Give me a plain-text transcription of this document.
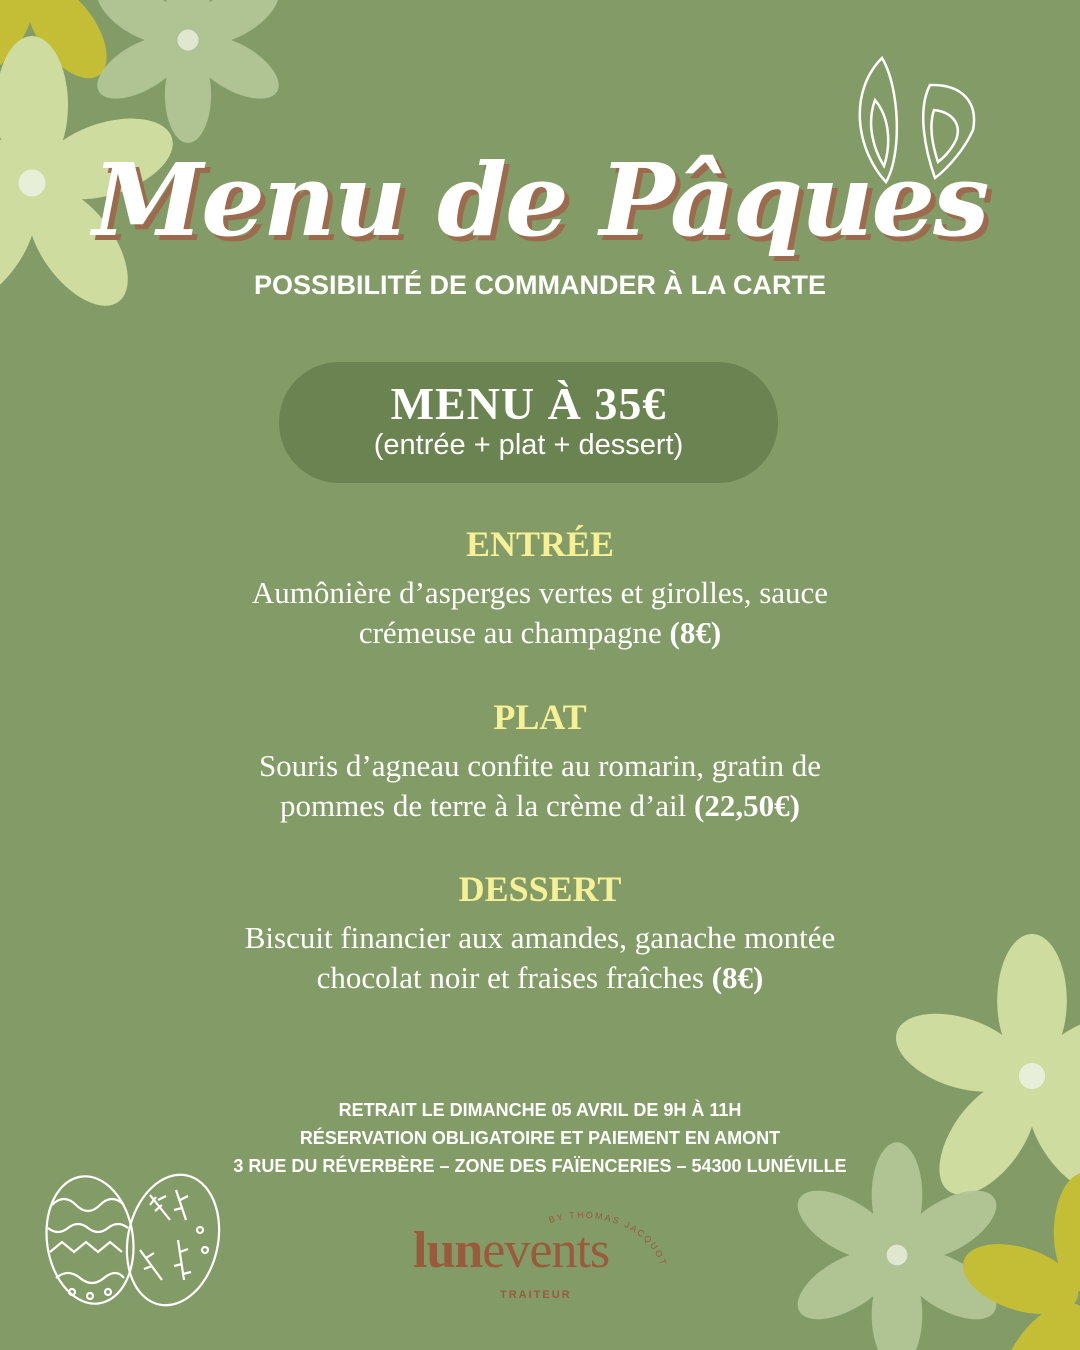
Menu de Pâques
POSSIBILITÉ DE COMMANDER À LA CARTE
MENU À 35€
(entrée + plat + dessert)
ENTRÉE
Aumônière d’asperges vertes et girolles, sauce
crémeuse au champagne (8€)
PLAT
Souris d’agneau confite au romarin, gratin de
pommes de terre à la crème d’ail (22,50€)
DESSERT
Biscuit financier aux amandes, ganache montée
chocolat noir et fraises fraîches (8€)
RETRAIT LE DIMANCHE 05 AVRIL DE 9H À 11H
RÉSERVATION OBLIGATOIRE ET PAIEMENT EN AMONT
3 RUE DU RÉVERBÈRE – ZONE DES FAÏENCERIES – 54300 LUNÉVILLE
BY THOMAS JACQUOT
lunevents
TRAITEUR
